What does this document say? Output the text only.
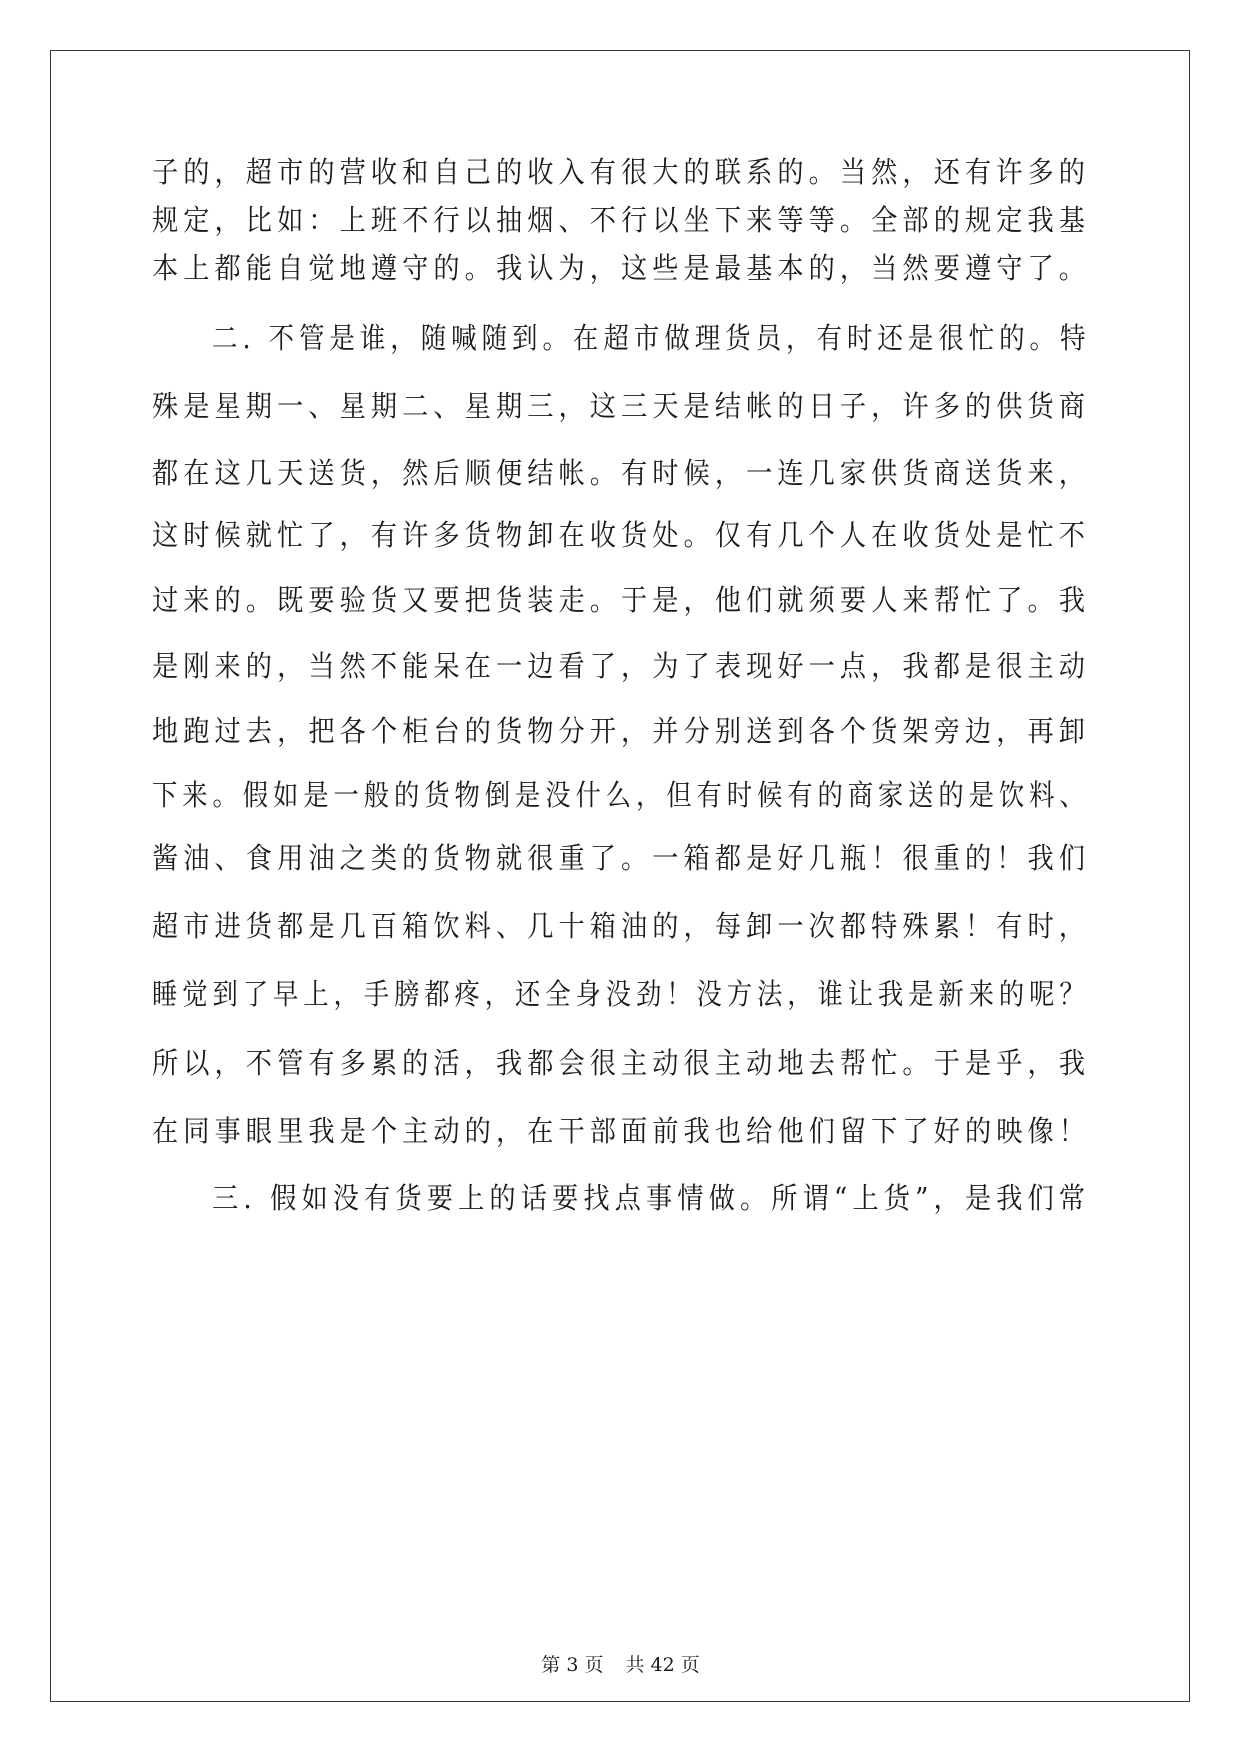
子的，超市的营收和自己的收入有很大的联系的。当然，还有许多的
规定，比如：上班不行以抽烟、不行以坐下来等等。全部的规定我基
本上都能自觉地遵守的。我认为，这些是最基本的，当然要遵守了。
二. 不管是谁，随喊随到。在超市做理货员，有时还是很忙的。特
殊是星期一、星期二、星期三，这三天是结帐的日子，许多的供货商
都在这几天送货，然后顺便结帐。有时候，一连几家供货商送货来，
这时候就忙了，有许多货物卸在收货处。仅有几个人在收货处是忙不
过来的。既要验货又要把货装走。于是，他们就须要人来帮忙了。我
是刚来的，当然不能呆在一边看了，为了表现好一点，我都是很主动
地跑过去，把各个柜台的货物分开，并分别送到各个货架旁边，再卸
下来。假如是一般的货物倒是没什么，但有时候有的商家送的是饮料、
酱油、食用油之类的货物就很重了。一箱都是好几瓶！很重的！我们
超市进货都是几百箱饮料、几十箱油的，每卸一次都特殊累！有时，
睡觉到了早上，手膀都疼，还全身没劲！没方法，谁让我是新来的呢？
所以，不管有多累的活，我都会很主动很主动地去帮忙。于是乎，我
在同事眼里我是个主动的，在干部面前我也给他们留下了好的映像！
三. 假如没有货要上的话要找点事情做。所谓“上货”，是我们常
第 3 页 共 42 页
